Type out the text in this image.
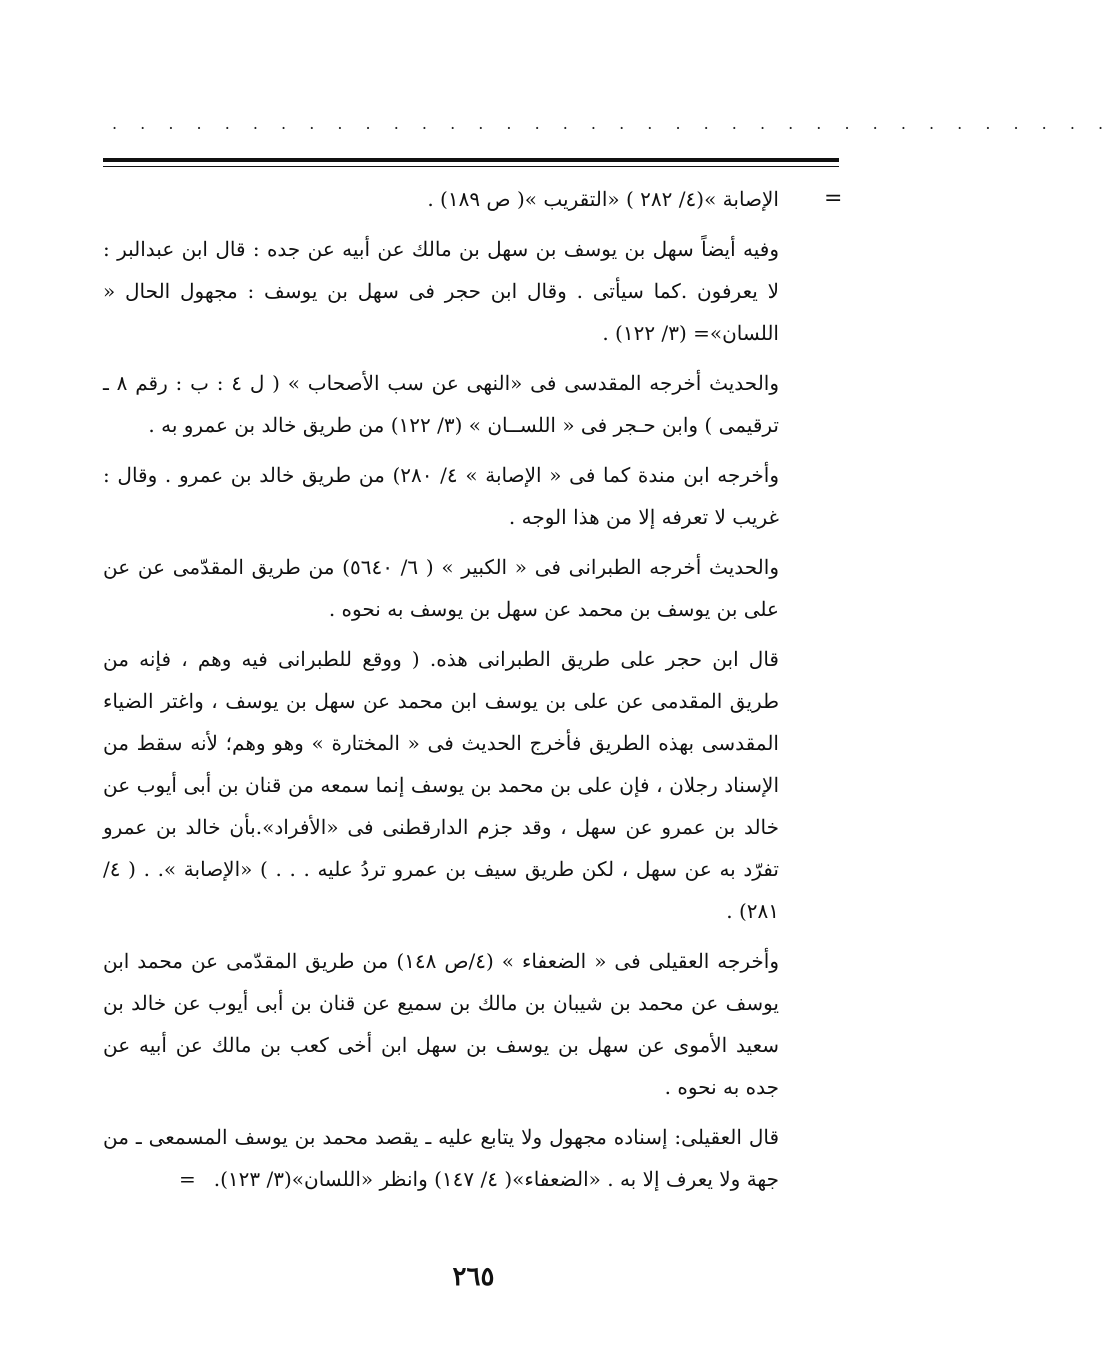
. . . . . . . . . . . . . . . . . . . . . . . . . . . . . . . . . . . .
=

الإصابة »(٤/ ٢٨٢ ) «التقريب »( ص ١٨٩) .

وفيه أيضاً سهل بن يوسف بن سهل بن مالك عن أبيه عن جده : قال ابن عبدالبر : لا يعرفون .كما سيأتى . وقال ابن حجر فى سهل بن يوسف : مجهول الحال « اللسان»= (٣/ ١٢٢) .

والحديث أخرجه المقدسى فى «النهى عن سب الأصحاب » ( ل ٤ : ب : رقم ٨ ـ ترقيمى ) وابن حـجر فى « اللســان » (٣/ ١٢٢) من طريق خالد بن عمرو به .

وأخرجه ابن مندة كما فى « الإصابة » ٤/ ٢٨٠) من طريق خالد بن عمرو . وقال : غريب لا تعرفه إلا من هذا الوجه .

والحديث أخرجه الطبرانى فى « الكبير » ( ٦/ ٥٦٤٠) من طريق المقدّمى عن عن على بن يوسف بن محمد عن سهل بن يوسف به نحوه .

قال ابن حجر على طريق الطبرانى هذه. ( ووقع للطبرانى فيه وهم ، فإنه من طريق المقدمى عن على بن يوسف ابن محمد عن سهل بن يوسف ، واغتر الضياء المقدسى بهذه الطريق فأخرج الحديث فى « المختارة » وهو وهم؛ لأنه سقط من الإسناد رجلان ، فإن على بن محمد بن يوسف إنما سمعه من قنان بن أبى أيوب عن خالد بن عمرو عن سهل ، وقد جزم الدارقطنى فى «الأفراد».بأن خالد بن عمرو تفرّد به عن سهل ، لكن طريق سيف بن عمرو تردُ عليه . . . ) «الإصابة ». . ( ٤/ ٢٨١) .

وأخرجه العقيلى فى « الضعفاء » (٤/ص ١٤٨) من طريق المقدّمى عن محمد ابن يوسف عن محمد بن شيبان بن مالك بن سميع عن قنان بن أبى أيوب عن خالد بن سعيد الأموى عن سهل بن يوسف بن سهل ابن أخى كعب بن مالك عن أبيه عن جده به نحوه .

قال العقيلى: إسناده مجهول ولا يتابع عليه ـ يقصد محمد بن يوسف المسمعى ـ من جهة ولا يعرف إلا به . «الضعفاء»( ٤/ ١٤٧) وانظر «اللسان»(٣/ ١٢٣).=

٢٦٥
